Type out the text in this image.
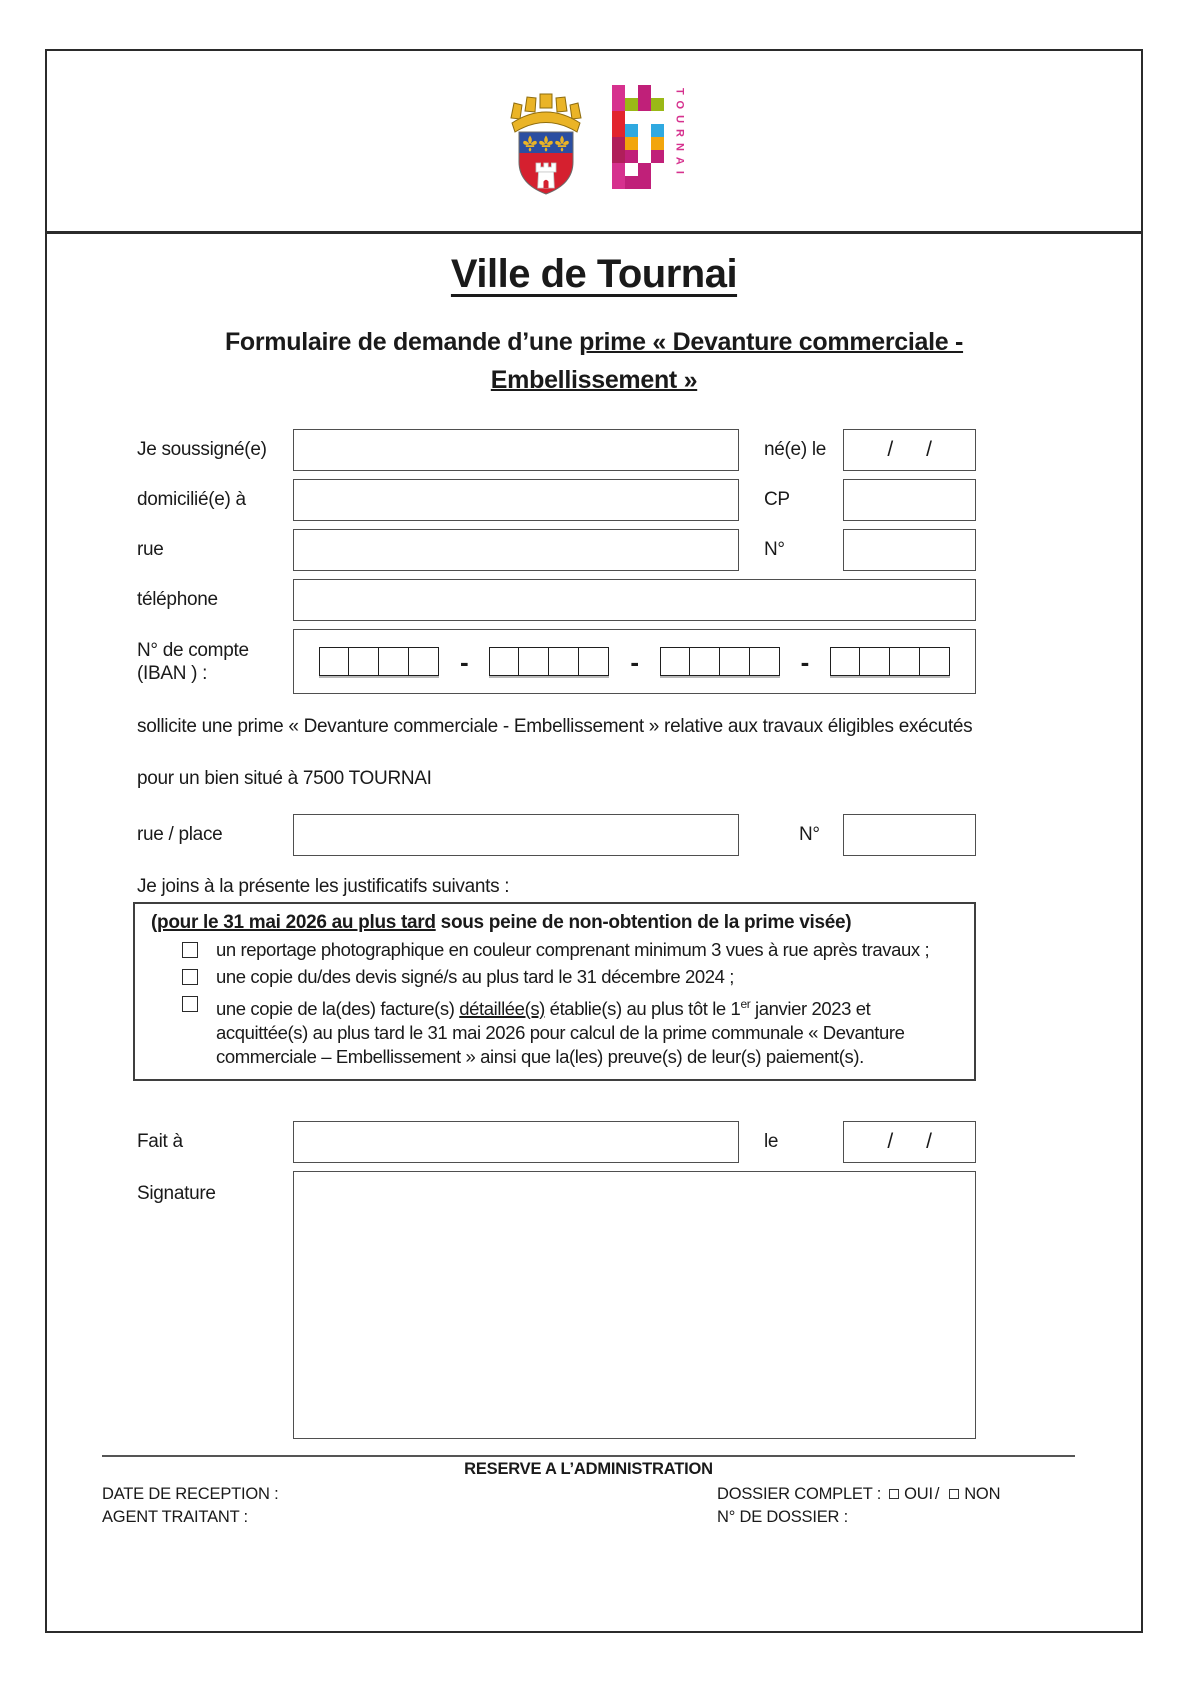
TOURNAI
Ville de Tournai
Formulaire de demande d’une prime « Devanture commerciale -
Embellissement »
Je soussigné(e)	né(e) le	/      /
domicilié(e) à	CP
rue	N°
téléphone
N° de compte
(IBAN ) :	-	-	-
sollicite une prime « Devanture commerciale - Embellissement » relative aux travaux éligibles exécutés
pour un bien situé à 7500 TOURNAI
rue / place	N°
Je joins à la présente les justificatifs suivants :
(pour le 31 mai 2026 au plus tard sous peine de non-obtention de la prime visée)
un reportage photographique en couleur comprenant minimum 3 vues à rue après travaux ;
une copie du/des devis signé/s au plus tard le 31 décembre 2024 ;
une copie de la(des) facture(s) détaillée(s) établie(s) au plus tôt le 1er janvier 2023 et acquittée(s) au plus tard le 31 mai 2026 pour calcul de la prime communale « Devanture commerciale – Embellissement » ainsi que la(les) preuve(s) de leur(s) paiement(s).
Fait à	le	/      /
Signature
RESERVE A L’ADMINISTRATION
DATE DE RECEPTION :
AGENT TRAITANT :
DOSSIER COMPLET : OUI / NON
N° DE DOSSIER :
